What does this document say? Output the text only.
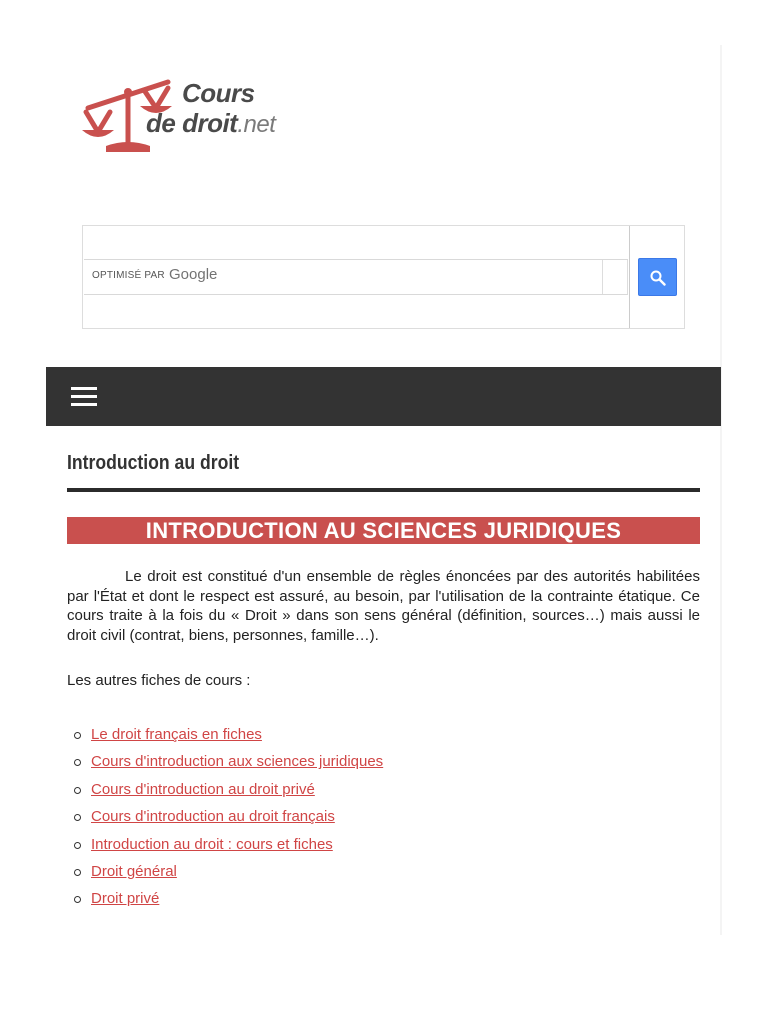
Cours
de droit.net
OPTIMISÉ PAR Google
Introduction au droit
INTRODUCTION AU SCIENCES JURIDIQUES
Le droit est constitué d'un ensemble de règles énoncées par des autorités habilitées par l'État et dont le respect est assuré, au besoin, par l'utilisation de la contrainte étatique. Ce cours traite à la fois du « Droit » dans son sens général (définition, sources…) mais aussi le droit civil (contrat, biens, personnes, famille…).
Les autres fiches de cours :
Le droit français en fiches
Cours d'introduction aux sciences juridiques
Cours d'introduction au droit privé
Cours d'introduction au droit français
Introduction au droit : cours et fiches
Droit général
Droit privé
